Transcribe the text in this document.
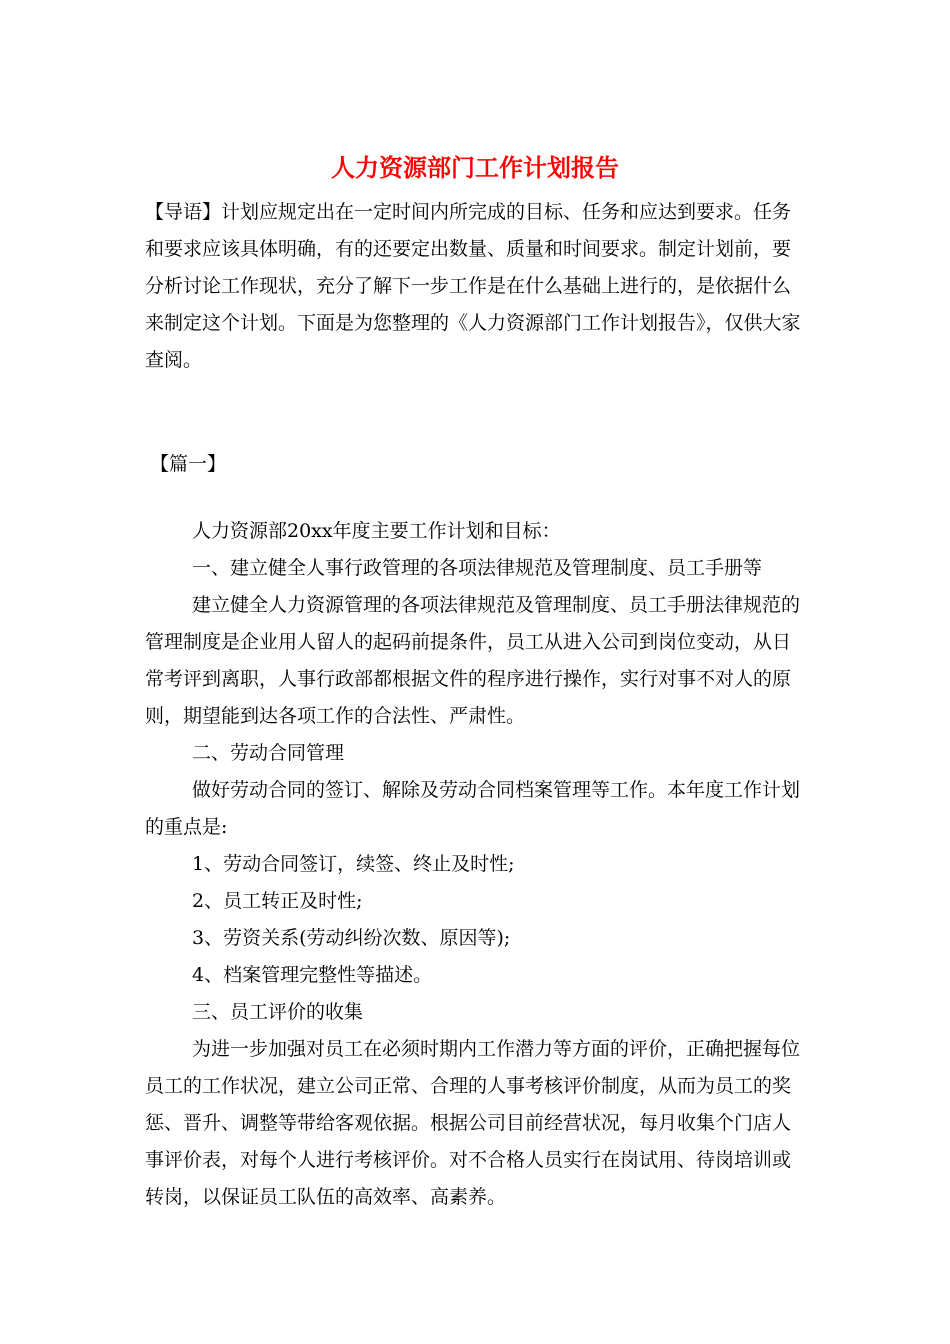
人力资源部门工作计划报告

【导语】计划应规定出在一定时间内所完成的目标、任务和应达到要求。任务和要求应该具体明确，有的还要定出数量、质量和时间要求。制定计划前，要分析讨论工作现状，充分了解下一步工作是在什么基础上进行的，是依据什么来制定这个计划。下面是为您整理的《人力资源部门工作计划报告》，仅供大家查阅。

【篇一】

人力资源部20xx年度主要工作计划和目标：

一、建立健全人事行政管理的各项法律规范及管理制度、员工手册等

建立健全人力资源管理的各项法律规范及管理制度、员工手册法律规范的管理制度是企业用人留人的起码前提条件，员工从进入公司到岗位变动，从日常考评到离职，人事行政部都根据文件的程序进行操作，实行对事不对人的原则，期望能到达各项工作的合法性、严肃性。

二、劳动合同管理

做好劳动合同的签订、解除及劳动合同档案管理等工作。本年度工作计划的重点是:

1、劳动合同签订，续签、终止及时性;

2、员工转正及时性;

3、劳资关系(劳动纠纷次数、原因等);

4、档案管理完整性等描述。

三、员工评价的收集

为进一步加强对员工在必须时期内工作潜力等方面的评价，正确把握每位员工的工作状况，建立公司正常、合理的人事考核评价制度，从而为员工的奖惩、晋升、调整等带给客观依据。根据公司目前经营状况，每月收集个门店人事评价表，对每个人进行考核评价。对不合格人员实行在岗试用、待岗培训或转岗，以保证员工队伍的高效率、高素养。
